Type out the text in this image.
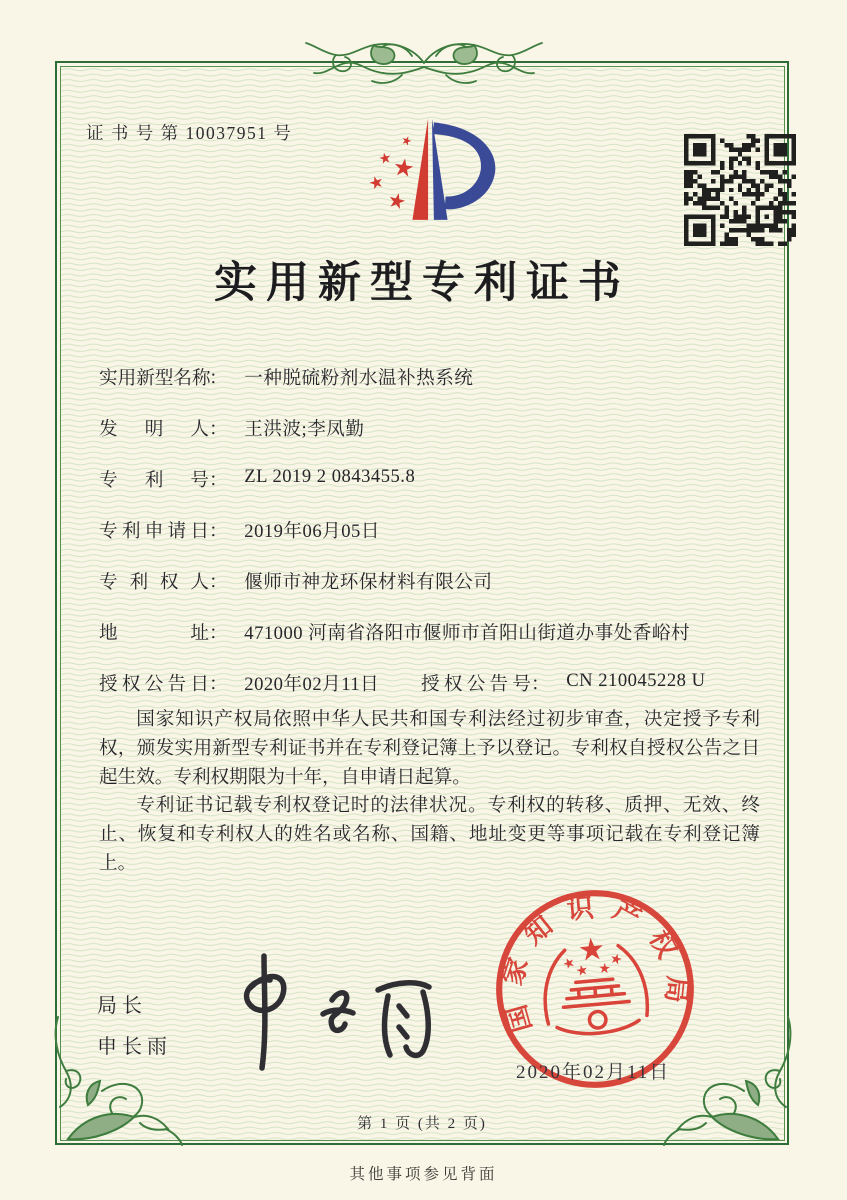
证 书 号 第 10037951 号
实用新型专利证书
实用新型名称： 一种脱硫粉剂水温补热系统
发明人： 王洪波;李凤勤
专利号： ZL 2019 2 0843455.8
专利申请日： 2019年06月05日
专利权人： 偃师市神龙环保材料有限公司
地址： 471000 河南省洛阳市偃师市首阳山街道办事处香峪村
授权公告日： 2020年02月11日 授权公告号： CN 210045228 U

国家知识产权局依照中华人民共和国专利法经过初步审查，决定授予专利权，颁发实用新型专利证书并在专利登记簿上予以登记。专利权自授权公告之日起生效。专利权期限为十年，自申请日起算。

专利证书记载专利权登记时的法律状况。专利权的转移、质押、无效、终止、恢复和专利权人的姓名或名称、国籍、地址变更等事项记载在专利登记簿上。

局长
申长雨
国家知识产权局
2020年02月11日
第 1 页 (共 2 页)
其他事项参见背面
